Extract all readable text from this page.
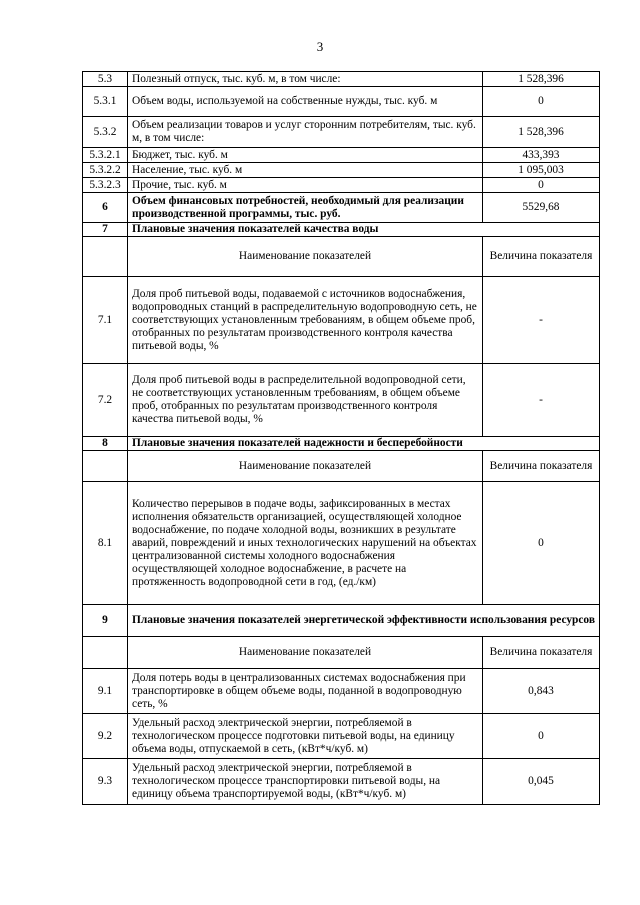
3
5.3	Полезный отпуск, тыс. куб. м, в том числе:	1 528,396
5.3.1	Объем воды, используемой на собственные нужды, тыс. куб. м	0
5.3.2	Объем реализации товаров и услуг сторонним потребителям, тыс. куб. м, в том числе:	1 528,396
5.3.2.1	Бюджет, тыс. куб. м	433,393
5.3.2.2	Население, тыс. куб. м	1 095,003
5.3.2.3	Прочие, тыс. куб. м	0
6	Объем финансовых потребностей, необходимый для реализации производственной программы, тыс. руб.	5529,68
7	Плановые значения показателей качества воды	
	Наименование показателей	Величина показателя
7.1	Доля проб питьевой воды, подаваемой с источников водоснабжения, водопроводных станций в распределительную водопроводную сеть, не соответствующих установленным требованиям, в общем объеме проб, отобранных по результатам производственного контроля качества питьевой воды, %	-
7.2	Доля проб питьевой воды в распределительной водопроводной сети, не соответствующих установленным требованиям, в общем объеме проб, отобранных по результатам производственного контроля качества питьевой воды, %	-
8	Плановые значения показателей надежности и бесперебойности	
	Наименование показателей	Величина показателя
8.1	Количество перерывов в подаче воды, зафиксированных в местах исполнения обязательств организацией, осуществляющей холодное водоснабжение, по подаче холодной воды, возникших в результате аварий, повреждений и иных технологических нарушений на объектах централизованной системы холодного водоснабжения осуществляющей холодное водоснабжение, в расчете на протяженность водопроводной сети в год, (ед./км)	0
9	Плановые значения показателей энергетической эффективности использования ресурсов	
	Наименование показателей	Величина показателя
9.1	Доля потерь воды в централизованных системах водоснабжения при транспортировке в общем объеме воды, поданной в водопроводную сеть, %	0,843
9.2	Удельный расход электрической энергии, потребляемой в технологическом процессе подготовки питьевой воды, на единицу объема воды, отпускаемой в сеть, (кВт*ч/куб. м)	0
9.3	Удельный расход электрической энергии, потребляемой в технологическом процессе транспортировки питьевой воды, на единицу объема транспортируемой воды, (кВт*ч/куб. м)	0,045
